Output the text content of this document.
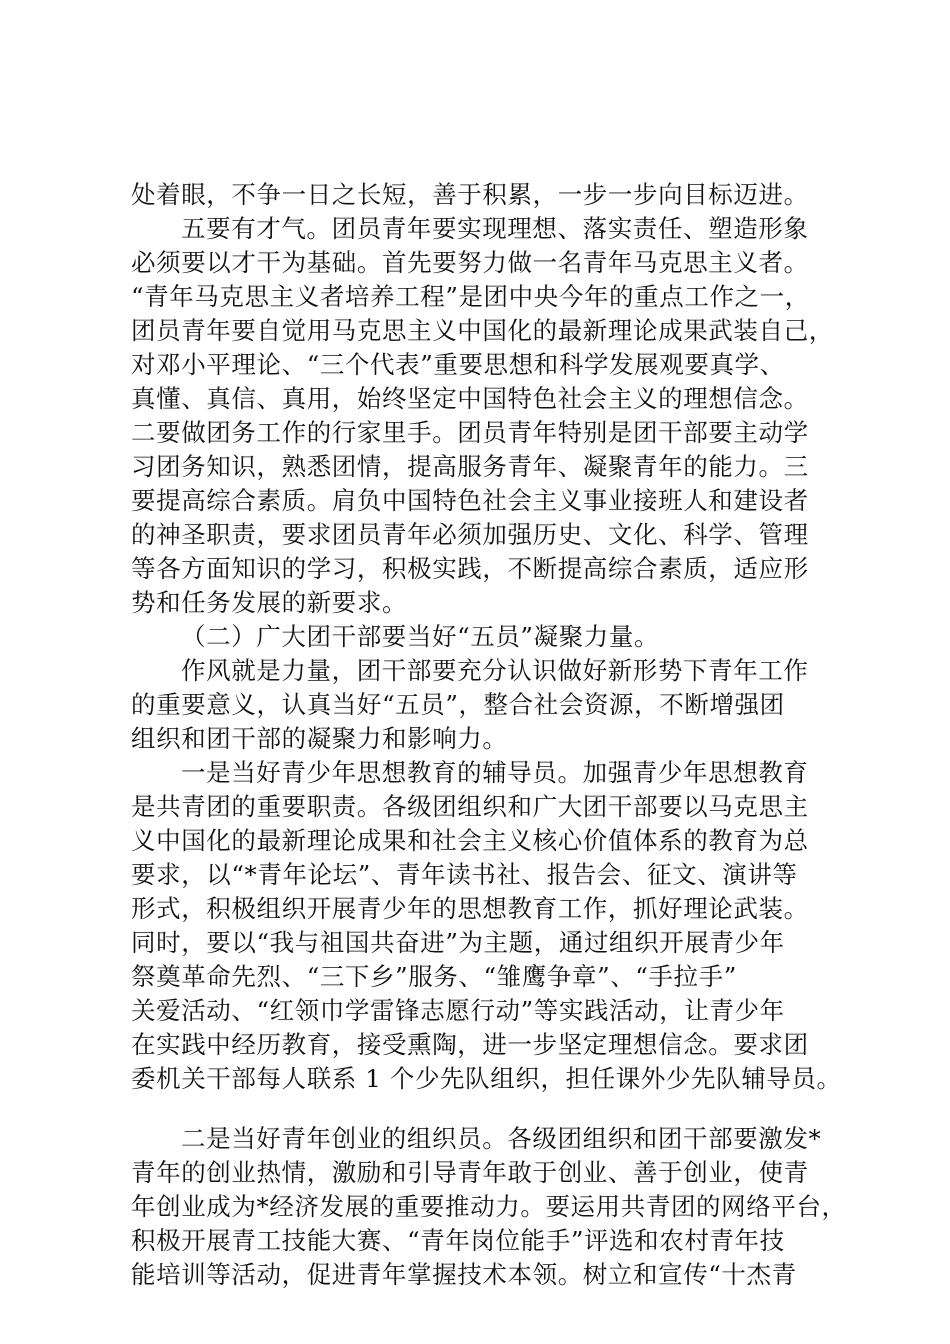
处着眼，不争一日之长短，善于积累，一步一步向目标迈进。
五要有才气。团员青年要实现理想、落实责任、塑造形象
必须要以才干为基础。首先要努力做一名青年马克思主义者。
“青年马克思主义者培养工程”是团中央今年的重点工作之一，
团员青年要自觉用马克思主义中国化的最新理论成果武装自己，
对邓小平理论、“三个代表”重要思想和科学发展观要真学、
真懂、真信、真用，始终坚定中国特色社会主义的理想信念。
二要做团务工作的行家里手。团员青年特别是团干部要主动学
习团务知识，熟悉团情，提高服务青年、凝聚青年的能力。三
要提高综合素质。肩负中国特色社会主义事业接班人和建设者
的神圣职责，要求团员青年必须加强历史、文化、科学、管理
等各方面知识的学习，积极实践，不断提高综合素质，适应形
势和任务发展的新要求。
（二）广大团干部要当好“五员”凝聚力量。
作风就是力量，团干部要充分认识做好新形势下青年工作
的重要意义，认真当好“五员”，整合社会资源，不断增强团
组织和团干部的凝聚力和影响力。
一是当好青少年思想教育的辅导员。加强青少年思想教育
是共青团的重要职责。各级团组织和广大团干部要以马克思主
义中国化的最新理论成果和社会主义核心价值体系的教育为总
要求，以“*青年论坛”、青年读书社、报告会、征文、演讲等
形式，积极组织开展青少年的思想教育工作，抓好理论武装。
同时，要以“我与祖国共奋进”为主题，通过组织开展青少年
祭奠革命先烈、“三下乡”服务、“雏鹰争章”、“手拉手”
关爱活动、“红领巾学雷锋志愿行动”等实践活动，让青少年
在实践中经历教育，接受熏陶，进一步坚定理想信念。要求团
委机关干部每人联系 1 个少先队组织，担任课外少先队辅导员。
二是当好青年创业的组织员。各级团组织和团干部要激发*
青年的创业热情，激励和引导青年敢于创业、善于创业，使青
年创业成为*经济发展的重要推动力。要运用共青团的网络平台，
积极开展青工技能大赛、“青年岗位能手”评选和农村青年技
能培训等活动，促进青年掌握技术本领。树立和宣传“十杰青
